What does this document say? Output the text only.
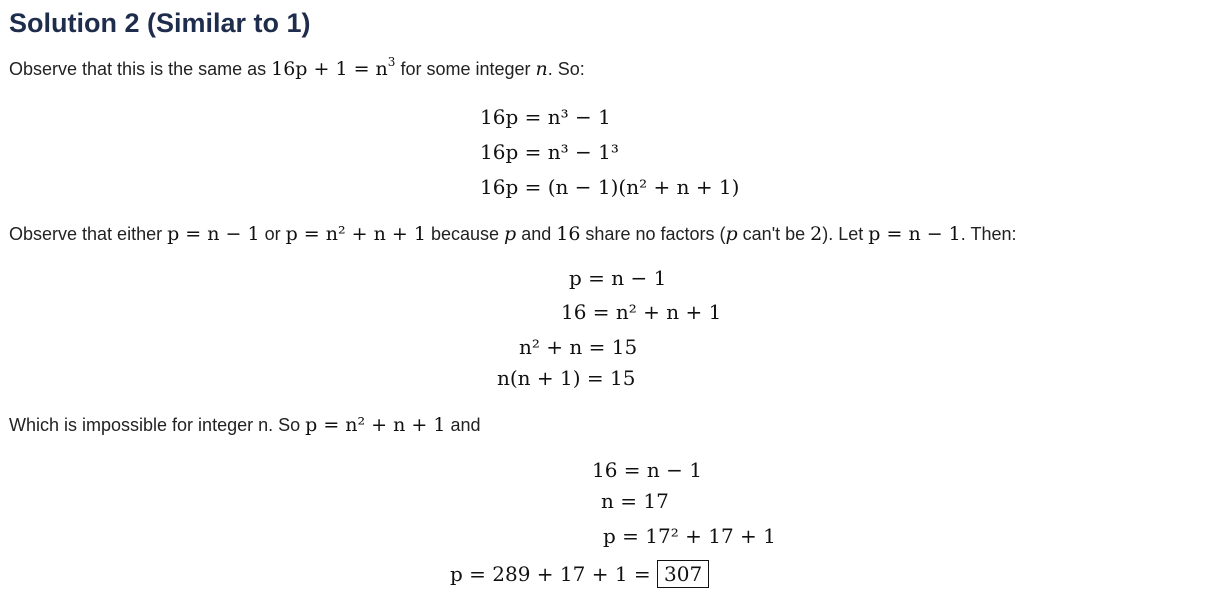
Solution 2 (Similar to 1)
Observe that this is the same as $16p + 1 = n^3$ for some integer n. So:
16p = n³ − 1
16p = n³ − 1³
16p = (n − 1)(n² + n + 1)
Observe that either p = n − 1 or p = n² + n + 1 because p and 16 share no factors (p can't be 2). Let p = n − 1. Then:
p = n − 1
16 = n² + n + 1
n² + n = 15
n(n + 1) = 15
Which is impossible for integer n. So p = n² + n + 1 and
16 = n − 1
n = 17
p = 17² + 17 + 1
p = 289 + 17 + 1 = 307
